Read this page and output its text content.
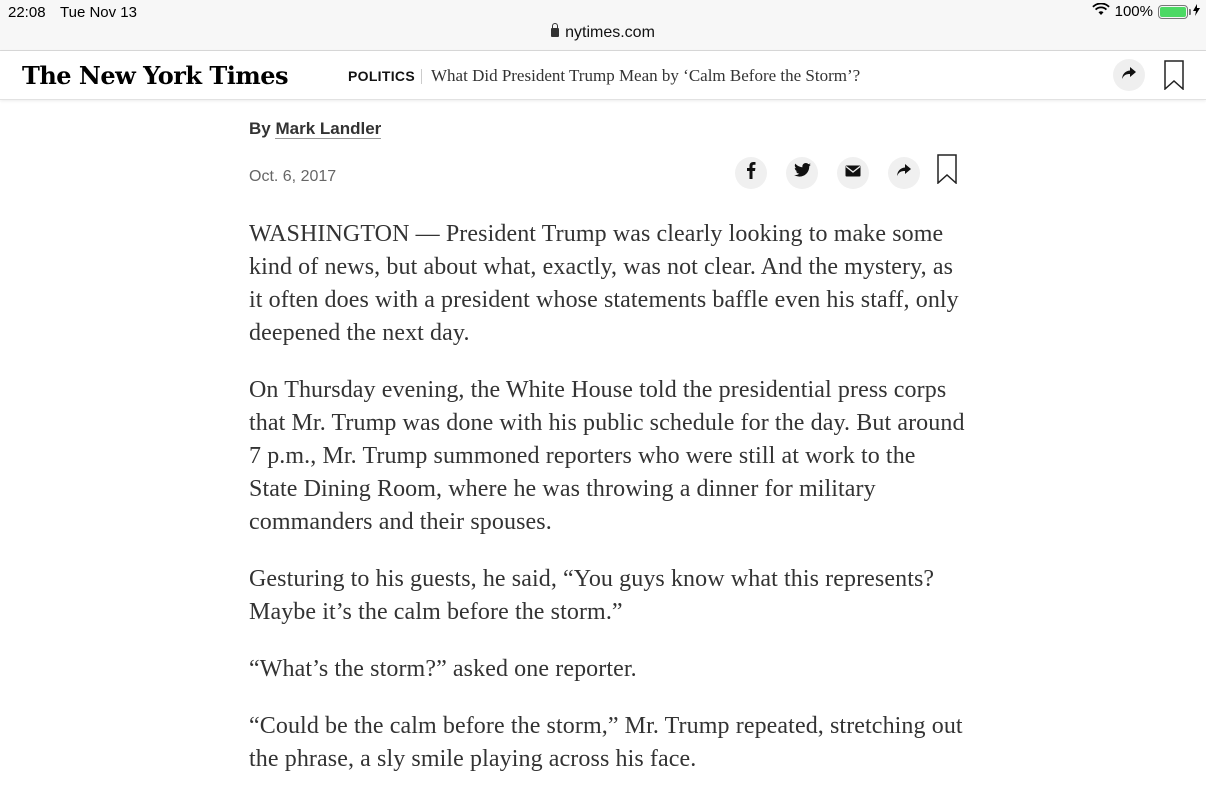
22:08 Tue Nov 13	100%
nytimes.com
The New York Times	POLITICS What Did President Trump Mean by ‘Calm Before the Storm’?
By Mark Landler
Oct. 6, 2017

WASHINGTON — President Trump was clearly looking to make some kind of news, but about what, exactly, was not clear. And the mystery, as it often does with a president whose statements baffle even his staff, only deepened the next day.

On Thursday evening, the White House told the presidential press corps that Mr. Trump was done with his public schedule for the day. But around 7 p.m., Mr. Trump summoned reporters who were still at work to the State Dining Room, where he was throwing a dinner for military commanders and their spouses.

Gesturing to his guests, he said, “You guys know what this represents? Maybe it’s the calm before the storm.”

“What’s the storm?” asked one reporter.

“Could be the calm before the storm,” Mr. Trump repeated, stretching out the phrase, a sly smile playing across his face.
